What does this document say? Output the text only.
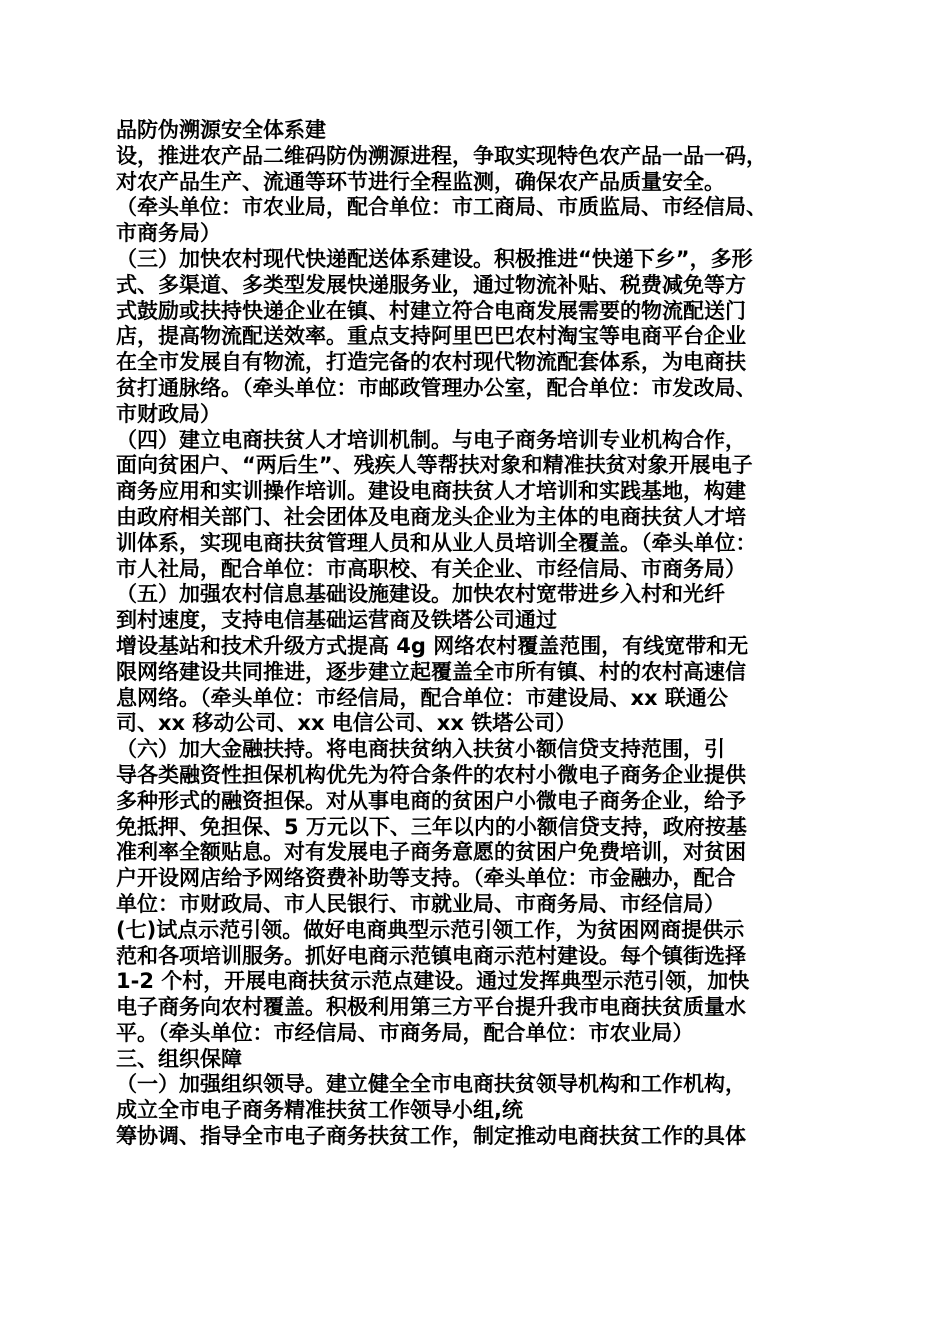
品防伪溯源安全体系建
设，推进农产品二维码防伪溯源进程，争取实现特色农产品一品一码，
对农产品生产、流通等环节进行全程监测，确保农产品质量安全。
（牵头单位：市农业局，配合单位：市工商局、市质监局、市经信局、
市商务局）
（三）加快农村现代快递配送体系建设。积极推进“快递下乡”，多形
式、多渠道、多类型发展快递服务业，通过物流补贴、税费减免等方
式鼓励或扶持快递企业在镇、村建立符合电商发展需要的物流配送门
店，提高物流配送效率。重点支持阿里巴巴农村淘宝等电商平台企业
在全市发展自有物流，打造完备的农村现代物流配套体系，为电商扶
贫打通脉络。（牵头单位：市邮政管理办公室，配合单位：市发改局、
市财政局）
（四）建立电商扶贫人才培训机制。与电子商务培训专业机构合作，
面向贫困户、“两后生”、残疾人等帮扶对象和精准扶贫对象开展电子
商务应用和实训操作培训。建设电商扶贫人才培训和实践基地，构建
由政府相关部门、社会团体及电商龙头企业为主体的电商扶贫人才培
训体系，实现电商扶贫管理人员和从业人员培训全覆盖。（牵头单位：
市人社局，配合单位：市高职校、有关企业、市经信局、市商务局）
（五）加强农村信息基础设施建设。加快农村宽带进乡入村和光纤
到村速度，支持电信基础运营商及铁塔公司通过
增设基站和技术升级方式提高 4g 网络农村覆盖范围，有线宽带和无
限网络建设共同推进，逐步建立起覆盖全市所有镇、村的农村高速信
息网络。（牵头单位：市经信局，配合单位：市建设局、xx 联通公
司、xx 移动公司、xx 电信公司、xx 铁塔公司）
（六）加大金融扶持。将电商扶贫纳入扶贫小额信贷支持范围，引
导各类融资性担保机构优先为符合条件的农村小微电子商务企业提供
多种形式的融资担保。对从事电商的贫困户小微电子商务企业，给予
免抵押、免担保、5 万元以下、三年以内的小额信贷支持，政府按基
准利率全额贴息。对有发展电子商务意愿的贫困户免费培训，对贫困
户开设网店给予网络资费补助等支持。（牵头单位：市金融办，配合
单位：市财政局、市人民银行、市就业局、市商务局、市经信局）
(七)试点示范引领。做好电商典型示范引领工作，为贫困网商提供示
范和各项培训服务。抓好电商示范镇电商示范村建设。每个镇街选择
1-2 个村，开展电商扶贫示范点建设。通过发挥典型示范引领，加快
电子商务向农村覆盖。积极利用第三方平台提升我市电商扶贫质量水
平。（牵头单位：市经信局、市商务局，配合单位：市农业局）
三、组织保障
（一）加强组织领导。建立健全全市电商扶贫领导机构和工作机构，
成立全市电子商务精准扶贫工作领导小组,统
筹协调、指导全市电子商务扶贫工作，制定推动电商扶贫工作的具体
